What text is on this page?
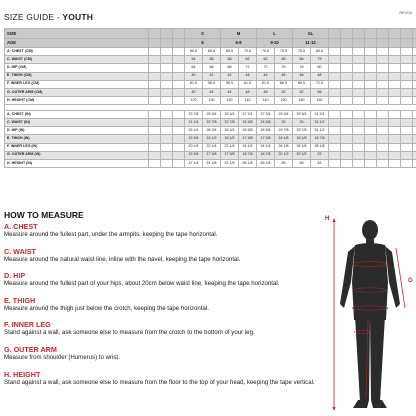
SIZE GUIDE - YOUTH	REV04
SIZE				S		M		L		XL									
AGE				6		6-8		9-10		11-12									
A. CHEST (CM)				60.5	65.5	65.5	70.5	70.5	75.5	75.5	80.5								
C. WAIST (CM)				54	58	58	62	62	66	66	79								
D. HIP (CM)				64	68	68	72	72	76	76	80								
E. THIGH (CM)				40	42	42	44	44	46	46	48								
F. INNER LEG (CM)				51.5	56.5	56.5	61.5	61.5	66.5	66.5	71.5								
G. OUTER ARM (CM)				40	44	44	48	48	52	52	56								
H. HEIGHT (CM)				120	130	130	140	140	150	150	160								

A. CHEST (IN)				23 7/8	25 3/4	25 3/4	27 3/4	27 3/4	29 3/4	29 3/4	31 3/4								
C. WAIST (IN)				21 1/4	22 7/8	22 7/8	24 3/8	24 3/8	26	26	31 1/2								
D. HIP (IN)				25 1/4	26 3/4	26 3/4	28 3/8	28 3/8	29 7/8	29 7/8	31 1/2								
E. THIGH (IN)				15 3/4	16 1/2	16 1/2	17 3/8	17 3/8	18 1/8	18 1/8	18 7/8								
F. INNER LEG (IN)				20 1/4	22 1/4	22 1/4	24 1/4	24 1/4	26 1/8	26 1/8	28 1/8								
G. OUTER ARM (IN)				15 3/4	17 3/8	17 3/8	18 7/8	18 7/8	20 1/2	20 1/2	22								
H. HEIGHT (IN)				47 1/4	51 1/8	51 1/8	55 1/8	55 1/8	59	59	63								
HOW TO MEASURE
A. CHEST
Measure around the fullest part, under the armpits, keeping the tape horizontal.
C. WAIST
Measure around the natural waist line, inline with the navel, keeping the tape horizontal.
D. HIP
Measure around the fullest part of your hips, about 20cm below waist line, keeping the tape horizontal.
E. THIGH
Measure around the thigh just below the crotch, keeping the tape horizontal.
F. INNER LEG
Stand against a wall, ask someone else to measure from the crotch to the bottom of your leg.
G. OUTER ARM
Measure from shoulder (Humerus) to wrist.
H. HEIGHT
Stand against a wall, ask someone else to measure from the floor to the top of your head, keeping the tape vertical.
H
G
